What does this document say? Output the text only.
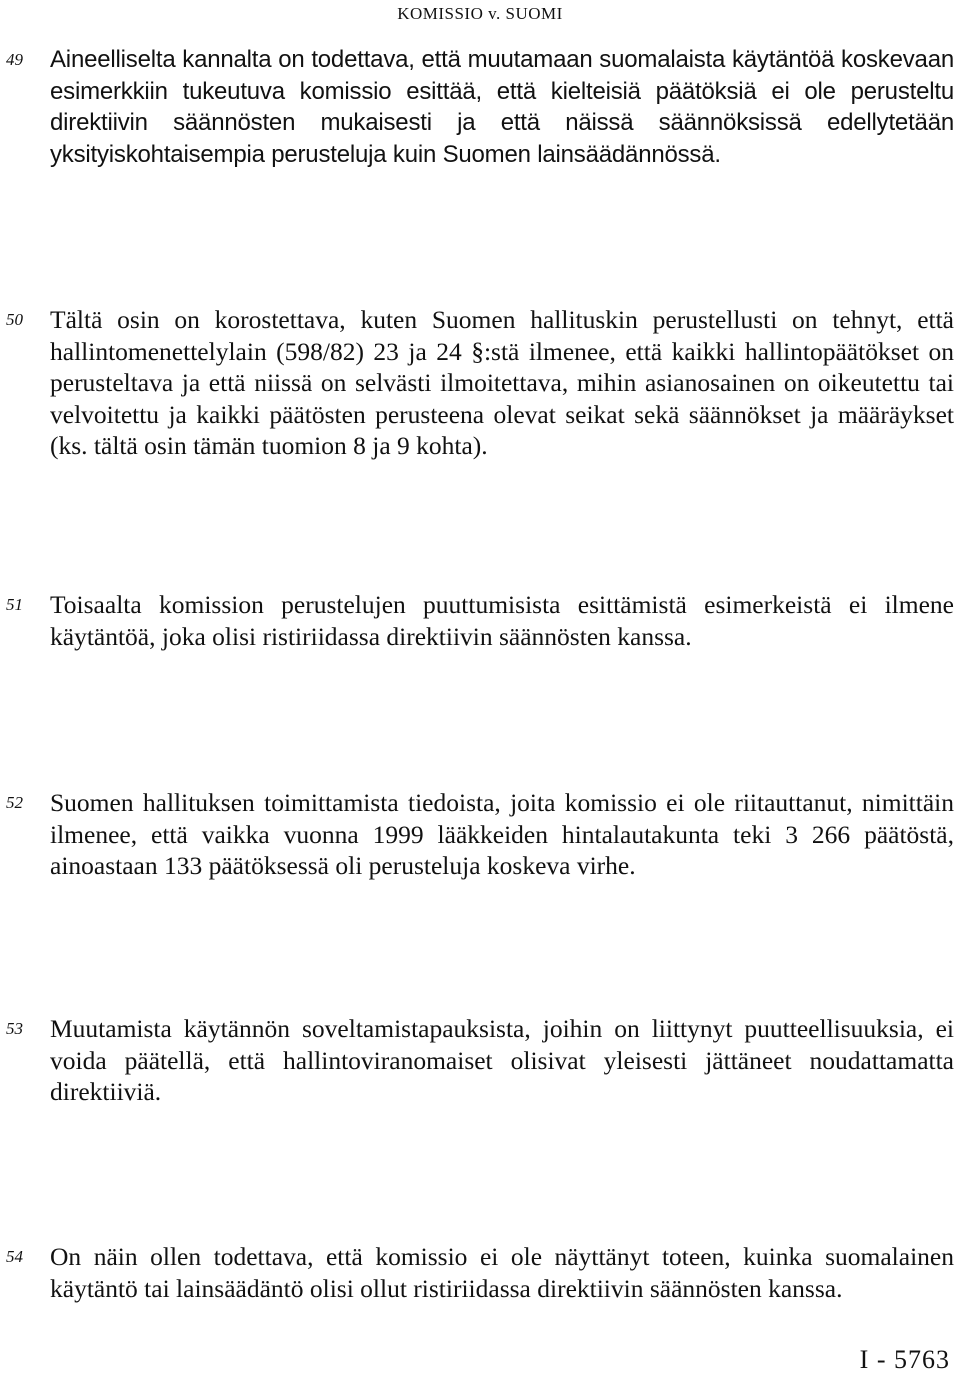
KOMISSIO v. SUOMI
49	Aineelliselta kannalta on todettava, että muutamaan suomalaista käytäntöä koskevaan esimerkkiin tukeutuva komissio esittää, että kielteisiä päätöksiä ei ole perusteltu direktiivin säännösten mukaisesti ja että näissä säännöksissä edellytetään yksityiskohtaisempia perusteluja kuin Suomen lainsäädännössä.
50	Tältä osin on korostettava, kuten Suomen hallituskin perustellusti on tehnyt, että hallintomenettelylain (598/82) 23 ja 24 §:stä ilmenee, että kaikki hallintopäätökset on perusteltava ja että niissä on selvästi ilmoitettava, mihin asianosainen on oikeutettu tai velvoitettu ja kaikki päätösten perusteena olevat seikat sekä säännökset ja määräykset (ks. tältä osin tämän tuomion 8 ja 9 kohta).
51	Toisaalta komission perustelujen puuttumisista esittämistä esimerkeistä ei ilmene käytäntöä, joka olisi ristiriidassa direktiivin säännösten kanssa.
52	Suomen hallituksen toimittamista tiedoista, joita komissio ei ole riitauttanut, nimittäin ilmenee, että vaikka vuonna 1999 lääkkeiden hintalautakunta teki 3 266 päätöstä, ainoastaan 133 päätöksessä oli perusteluja koskeva virhe.
53	Muutamista käytännön soveltamistapauksista, joihin on liittynyt puutteellisuuksia, ei voida päätellä, että hallintoviranomaiset olisivat yleisesti jättäneet noudattamatta direktiiviä.
54	On näin ollen todettava, että komissio ei ole näyttänyt toteen, kuinka suomalainen käytäntö tai lainsäädäntö olisi ollut ristiriidassa direktiivin säännösten kanssa.
I - 5763
